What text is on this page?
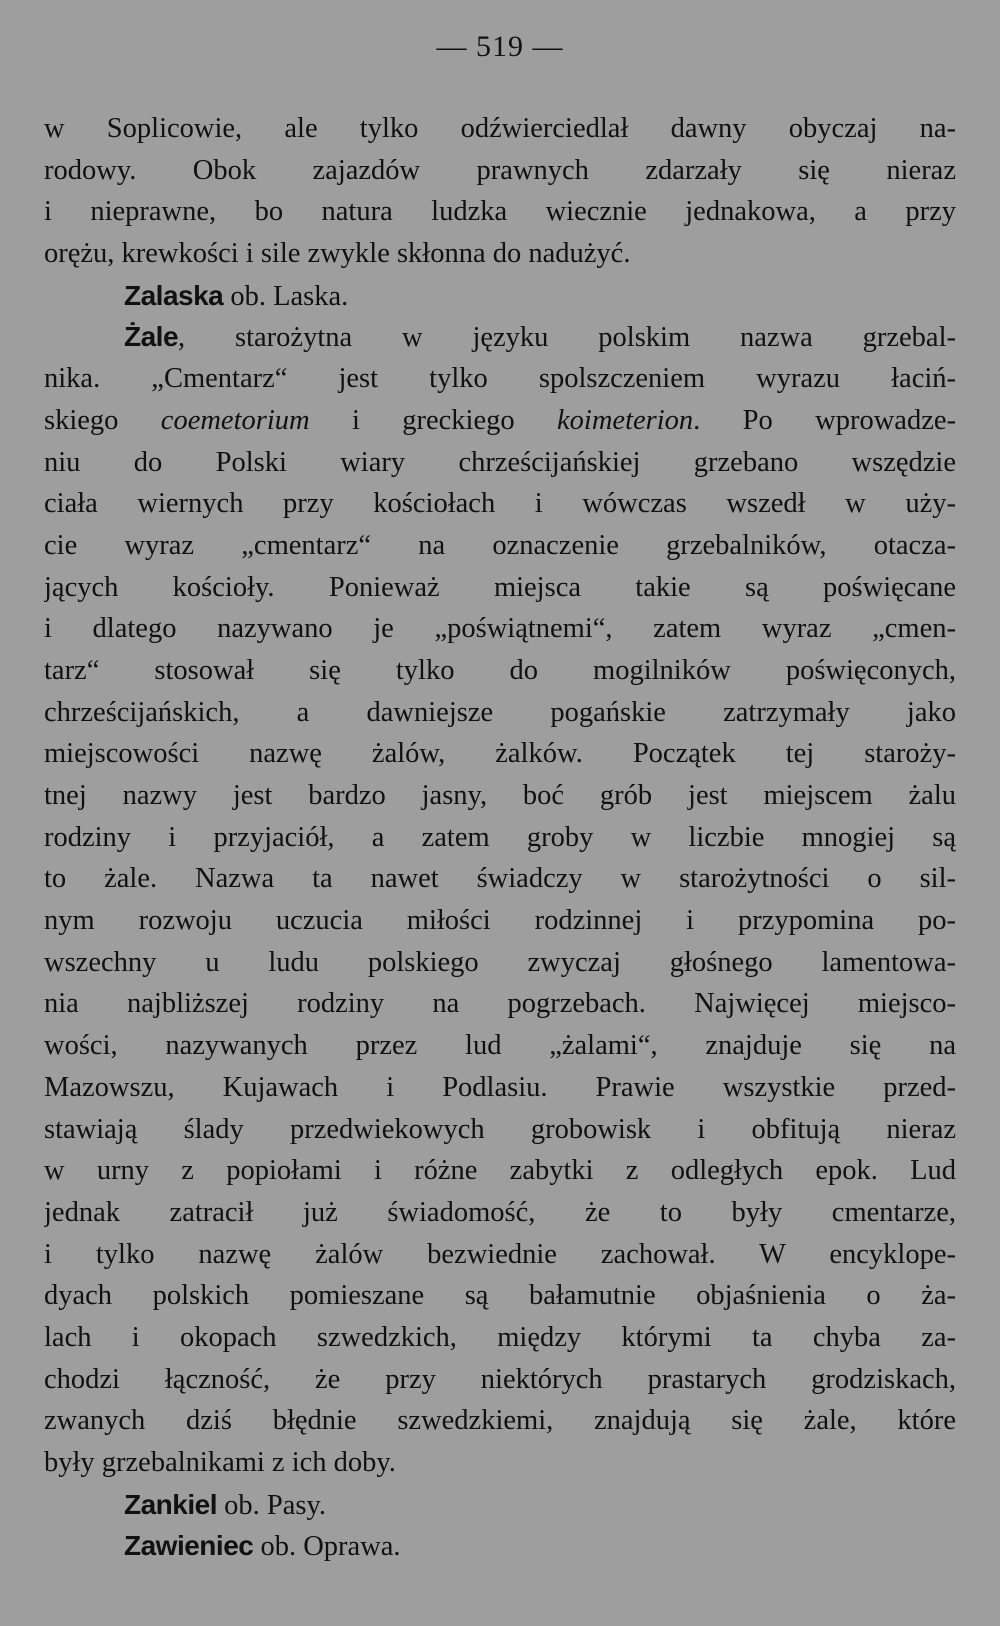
— 519 —
w Soplicowie, ale tylko odźwierciedlał dawny obyczaj na-
rodowy. Obok zajazdów prawnych zdarzały się nieraz
i nieprawne, bo natura ludzka wiecznie jednakowa, a przy
orężu, krewkości i sile zwykle skłonna do nadużyć.
Zalaska ob. Laska.
Żale, starożytna w języku polskim nazwa grzebal-
nika. „Cmentarz“ jest tylko spolszczeniem wyrazu łaciń-
skiego coemetorium i greckiego koimeterion. Po wprowadze-
niu do Polski wiary chrześcijańskiej grzebano wszędzie
ciała wiernych przy kościołach i wówczas wszedł w uży-
cie wyraz „cmentarz“ na oznaczenie grzebalników, otacza-
jących kościoły. Ponieważ miejsca takie są poświęcane
i dlatego nazywano je „poświątnemi“, zatem wyraz „cmen-
tarz“ stosował się tylko do mogilników poświęconych,
chrześcijańskich, a dawniejsze pogańskie zatrzymały jako
miejscowości nazwę żalów, żalków. Początek tej staroży-
tnej nazwy jest bardzo jasny, boć grób jest miejscem żalu
rodziny i przyjaciół, a zatem groby w liczbie mnogiej są
to żale. Nazwa ta nawet świadczy w starożytności o sil-
nym rozwoju uczucia miłości rodzinnej i przypomina po-
wszechny u ludu polskiego zwyczaj głośnego lamentowa-
nia najbliższej rodziny na pogrzebach. Najwięcej miejsco-
wości, nazywanych przez lud „żalami“, znajduje się na
Mazowszu, Kujawach i Podlasiu. Prawie wszystkie przed-
stawiają ślady przedwiekowych grobowisk i obfitują nieraz
w urny z popiołami i różne zabytki z odległych epok. Lud
jednak zatracił już świadomość, że to były cmentarze,
i tylko nazwę żalów bezwiednie zachował. W encyklope-
dyach polskich pomieszane są bałamutnie objaśnienia o ża-
lach i okopach szwedzkich, między którymi ta chyba za-
chodzi łączność, że przy niektórych prastarych grodziskach,
zwanych dziś błędnie szwedzkiemi, znajdują się żale, które
były grzebalnikami z ich doby.
Zankiel ob. Pasy.
Zawieniec ob. Oprawa.
